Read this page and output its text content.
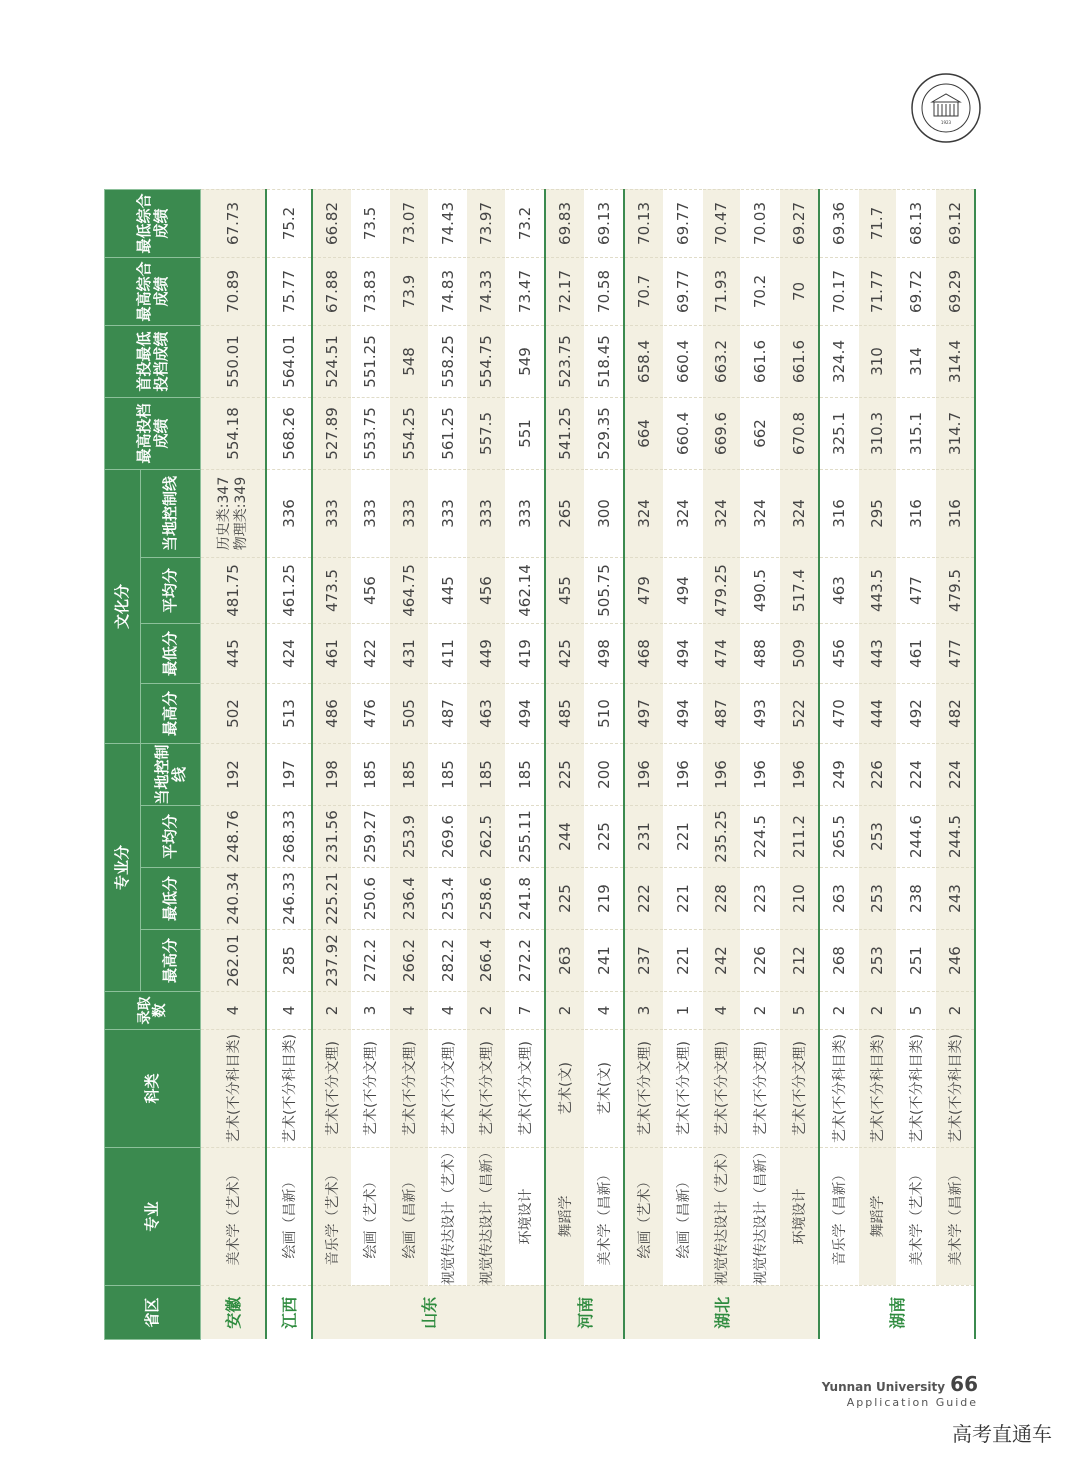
1923
省区	专业	科类	录取数	专业分				文化分				最高投档成绩	首投最低投档成绩	最高综合成绩	最低综合成绩
				最高分	最低分	平均分	当地控制线	最高分	最低分	平均分	当地控制线				
安徽	美术学（艺术）	艺术(不分科目类)	4	262.01	240.34	248.76	192	502	445	481.75	历史类:347 物理类:349	554.18	550.01	70.89	67.73
江西	绘画（昌新）	艺术(不分科目类)	4	285	246.33	268.33	197	513	424	461.25	336	568.26	564.01	75.77	75.2
山东	音乐学（艺术）	艺术(不分文理)	2	237.92	225.21	231.56	198	486	461	473.5	333	527.89	524.51	67.88	66.82
	绘画（艺术）	艺术(不分文理)	3	272.2	250.6	259.27	185	476	422	456	333	553.75	551.25	73.83	73.5
	绘画（昌新）	艺术(不分文理)	4	266.2	236.4	253.9	185	505	431	464.75	333	554.25	548	73.9	73.07
	视觉传达设计（艺术）	艺术(不分文理)	4	282.2	253.4	269.6	185	487	411	445	333	561.25	558.25	74.83	74.43
	视觉传达设计（昌新）	艺术(不分文理)	2	266.4	258.6	262.5	185	463	449	456	333	557.5	554.75	74.33	73.97
	环境设计	艺术(不分文理)	7	272.2	241.8	255.11	185	494	419	462.14	333	551	549	73.47	73.2
河南	舞蹈学	艺术(文)	2	263	225	244	225	485	425	455	265	541.25	523.75	72.17	69.83
	美术学（昌新）	艺术(文)	4	241	219	225	200	510	498	505.75	300	529.35	518.45	70.58	69.13
湖北	绘画（艺术）	艺术(不分文理)	3	237	222	231	196	497	468	479	324	664	658.4	70.7	70.13
	绘画（昌新）	艺术(不分文理)	1	221	221	221	196	494	494	494	324	660.4	660.4	69.77	69.77
	视觉传达设计（艺术）	艺术(不分文理)	4	242	228	235.25	196	487	474	479.25	324	669.6	663.2	71.93	70.47
	视觉传达设计（昌新）	艺术(不分文理)	2	226	223	224.5	196	493	488	490.5	324	662	661.6	70.2	70.03
	环境设计	艺术(不分文理)	5	212	210	211.2	196	522	509	517.4	324	670.8	661.6	70	69.27
湖南	音乐学（昌新）	艺术(不分科目类)	2	268	263	265.5	249	470	456	463	316	325.1	324.4	70.17	69.36
	舞蹈学	艺术(不分科目类)	2	253	253	253	226	444	443	443.5	295	310.3	310	71.77	71.7
	美术学（艺术）	艺术(不分科目类)	5	251	238	244.6	224	492	461	477	316	315.1	314	69.72	68.13
	美术学（昌新）	艺术(不分科目类)	2	246	243	244.5	224	482	477	479.5	316	314.7	314.4	69.29	69.12
Yunnan University 66
Application Guide
高考直通车
